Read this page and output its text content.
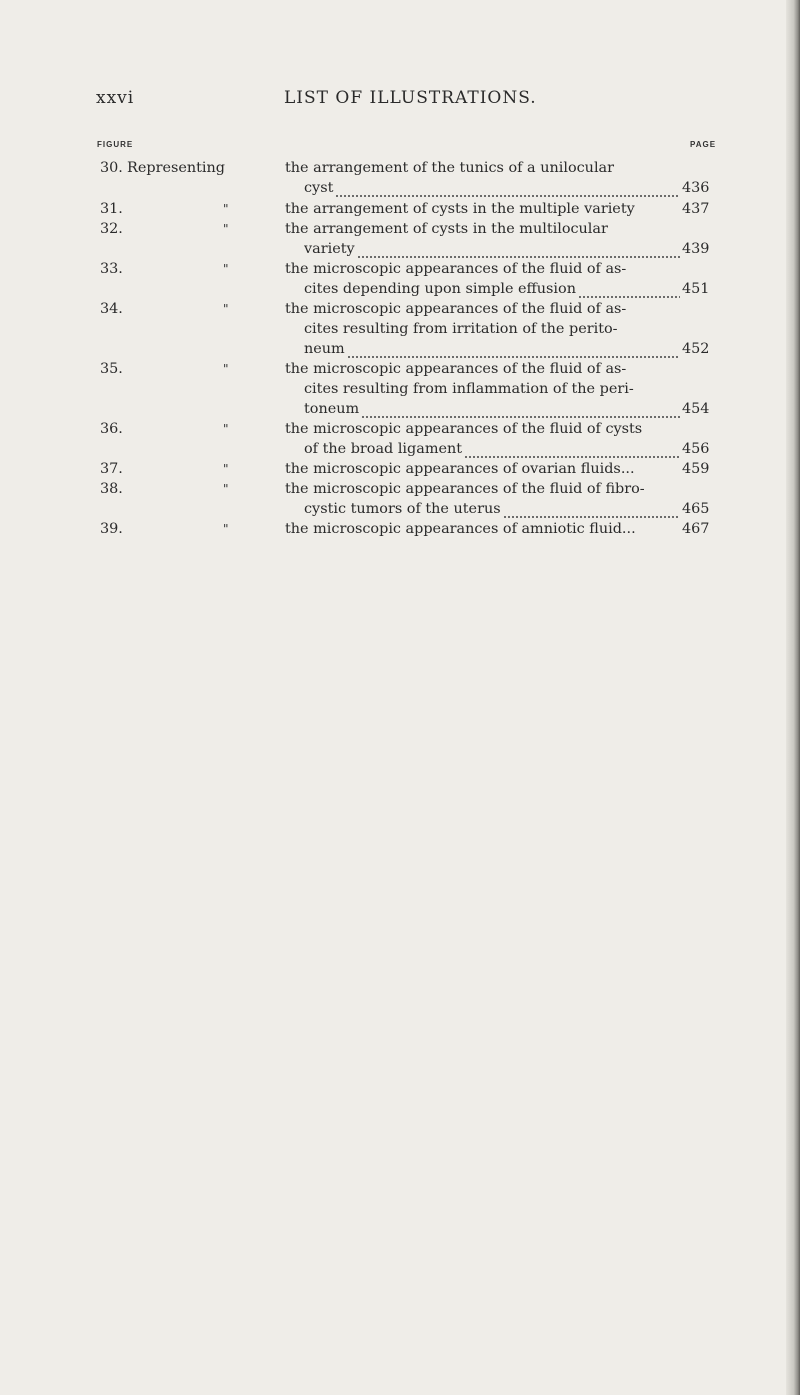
xxvi	LIST OF ILLUSTRATIONS.
FIGURE	PAGE
30. Representing	the arrangement of the tunics of a unilocular
cyst	436
31.	"	the arrangement of cysts in the multiple variety	437
32.	"	the arrangement of cysts in the multilocular
variety	439
33.	"	the microscopic appearances of the fluid of as-
cites depending upon simple effusion	451
34.	"	the microscopic appearances of the fluid of as-
cites resulting from irritation of the perito-
neum	452
35.	"	the microscopic appearances of the fluid of as-
cites resulting from inflammation of the peri-
toneum	454
36.	"	the microscopic appearances of the fluid of cysts
of the broad ligament	456
37.	"	the microscopic appearances of ovarian fluids...	459
38.	"	the microscopic appearances of the fluid of fibro-
cystic tumors of the uterus	465
39.	"	the microscopic appearances of amniotic fluid...	467
